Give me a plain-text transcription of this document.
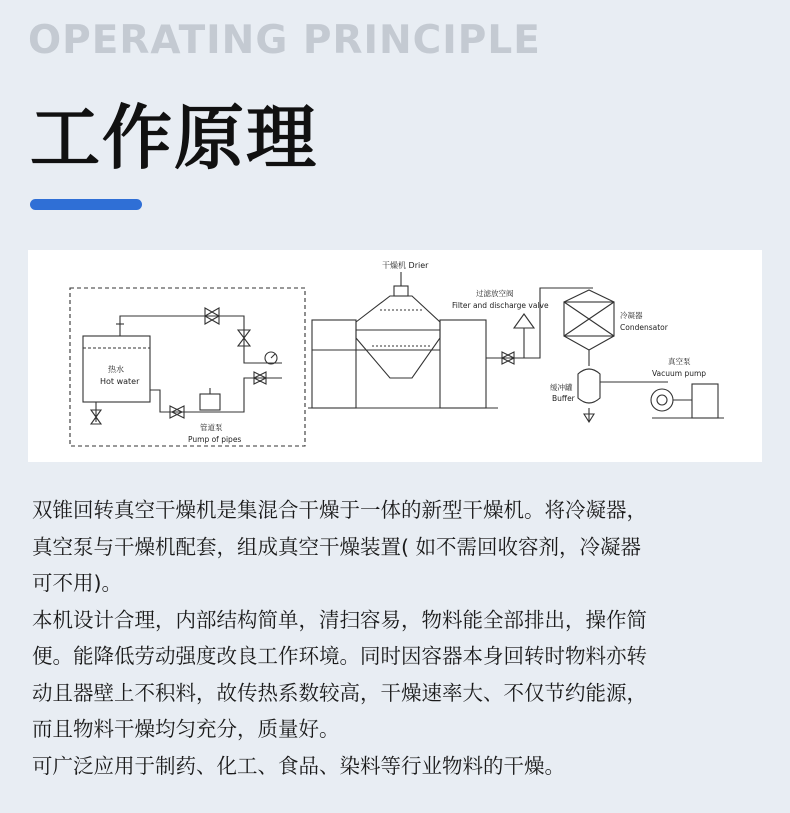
OPERATING PRINCIPLE
工作原理
干燥机 Drier
过滤放空阀
Filter and discharge valve
冷凝器
Condensator
真空泵
Vacuum pump
缓冲罐
Buffer
热水
Hot water
管道泵
Pump of pipes
双锥回转真空干燥机是集混合干燥于一体的新型干燥机。将冷凝器，
真空泵与干燥机配套，组成真空干燥装置( 如不需回收容剂，冷凝器
可不用)。
本机设计合理，内部结构简单，清扫容易，物料能全部排出，操作简
便。能降低劳动强度改良工作环境。同时因容器本身回转时物料亦转
动且器壁上不积料，故传热系数较高，干燥速率大、不仅节约能源，
而且物料干燥均匀充分，质量好。
可广泛应用于制药、化工、食品、染料等行业物料的干燥。
